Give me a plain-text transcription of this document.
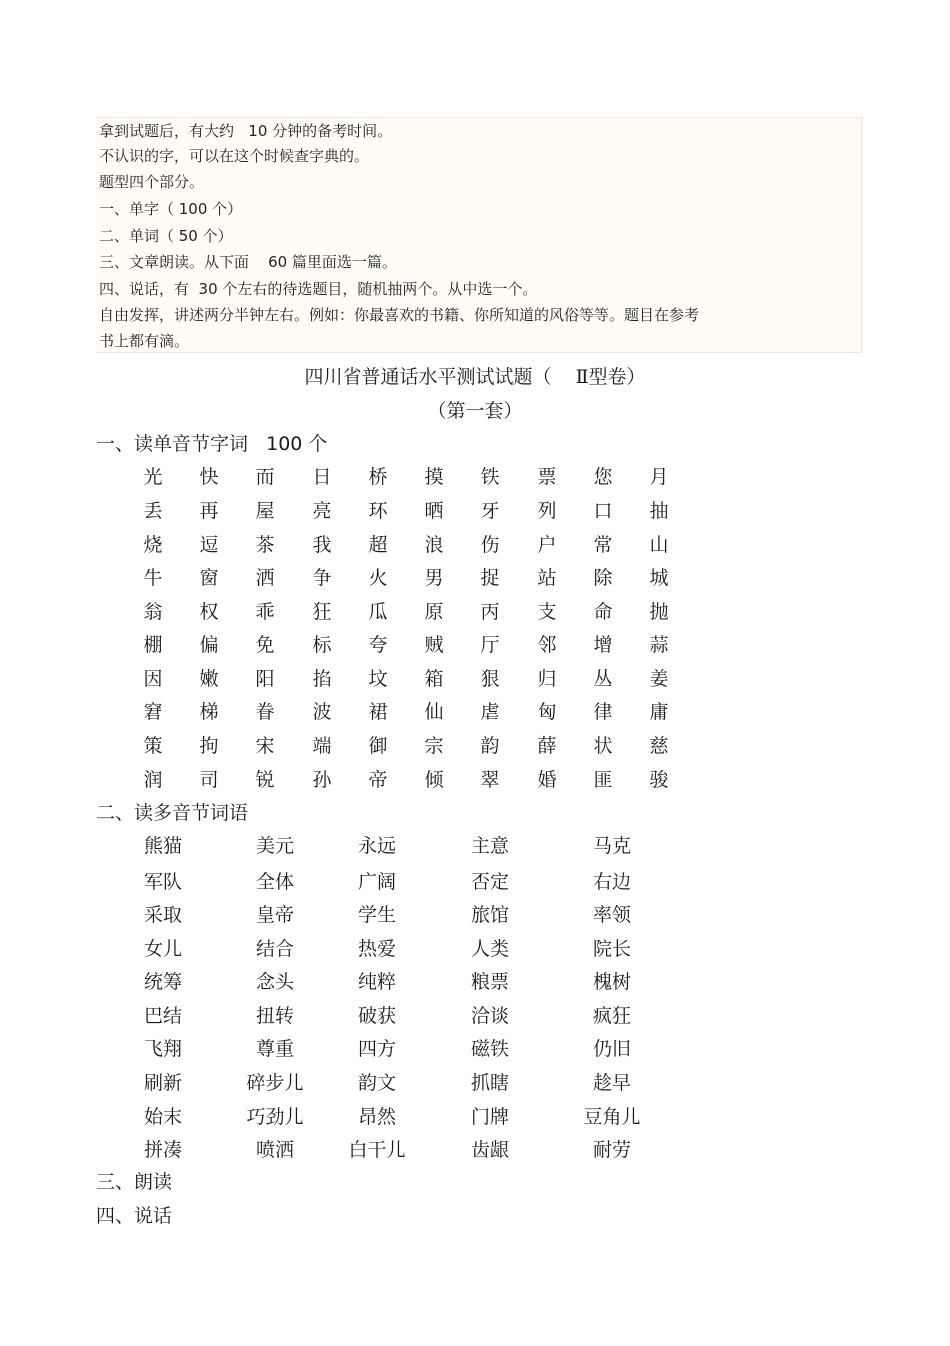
拿到试题后，有大约   10 分钟的备考时间。
不认识的字，可以在这个时候查字典的。
题型四个部分。
一、单字（ 100 个）
二、单词（ 50 个）
三、文章朗读。从下面    60 篇里面选一篇。
四、说话，有  30 个左右的待选题目，随机抽两个。从中选一个。
自由发挥，讲述两分半钟左右。例如：你最喜欢的书籍、你所知道的风俗等等。题目在参考
书上都有滴。
四川省普通话水平测试试题（    Ⅱ型卷）
（第一套）
一、读单音节字词   100 个
光	快	而	日	桥	摸	铁	票	您	月
丢	再	屋	亮	环	晒	牙	列	口	抽
烧	逗	茶	我	超	浪	伤	户	常	山
牛	窗	洒	争	火	男	捉	站	除	城
翁	权	乖	狂	瓜	原	丙	支	命	抛
棚	偏	免	标	夸	贼	厅	邻	增	蒜
因	嫩	阳	掐	坟	箱	狠	归	丛	姜
窘	梯	眷	波	裙	仙	虐	匈	律	庸
策	拘	宋	端	御	宗	韵	薛	状	慈
润	司	锐	孙	帝	倾	翠	婚	匪	骏
二、读多音节词语
熊猫	美元	永远	主意	马克
军队	全体	广阔	否定	右边
采取	皇帝	学生	旅馆	率领
女儿	结合	热爱	人类	院长
统筹	念头	纯粹	粮票	槐树
巴结	扭转	破获	洽谈	疯狂
飞翔	尊重	四方	磁铁	仍旧
刷新	碎步儿	韵文	抓瞎	趁早
始末	巧劲儿	昂然	门牌	豆角儿
拼凑	喷洒	白干儿	齿龈	耐劳
三、朗读
四、说话
